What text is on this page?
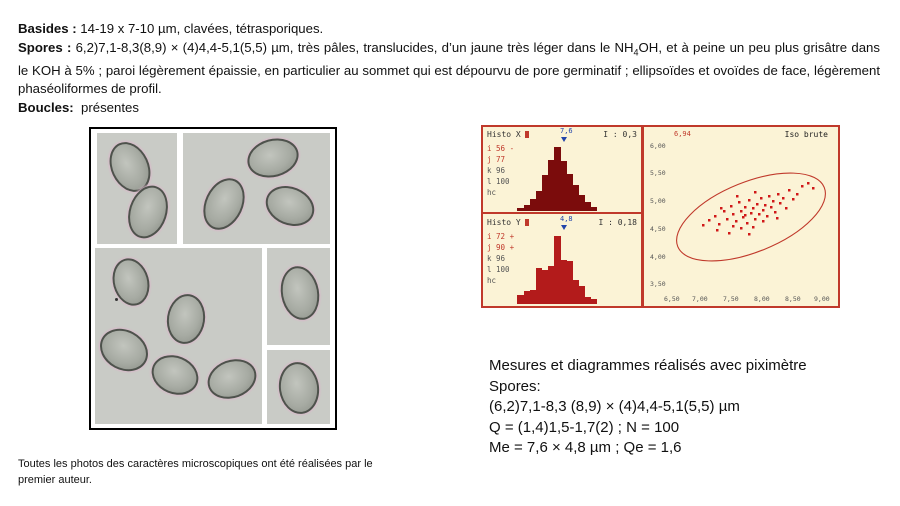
Basides : 14-19 x 7-10 µm, clavées, tétrasporiques.

Spores : 6,2)7,1-8,3(8,9) × (4)4,4-5,1(5,5) µm, très pâles, translucides, d’un jaune très léger dans le $NH_4OH$, et à peine un peu plus grisâtre dans le KOH à 5% ; paroi légèrement épaissie, en particulier au sommet qui est dépourvu de pore germinatif ; ellipsoïdes et ovoïdes de face, légèrement phaséoliformes de profil.

Boucles:  présentes

Histo X	I : 0,3
7,6
i 56 -
j 77
k 96
l 100
hc
Histo Y	I : 0,18
4,8
i 72 +
j 90 +
k 96
l 100
hc
6,94	Iso brute
6,00
5,50
5,00
4,50
4,00
3,50
6,50 7,00 7,50 8,00 8,50 9,00
Mesures et diagrammes réalisés avec piximètre
Spores:
(6,2)7,1-8,3 (8,9) × (4)4,4-5,1(5,5) µm
Q = (1,4)1,5-1,7(2) ; N = 100
Me = 7,6 × 4,8 µm ; Qe = 1,6
Toutes les photos des caractères microscopiques ont été réalisées par le premier auteur.
